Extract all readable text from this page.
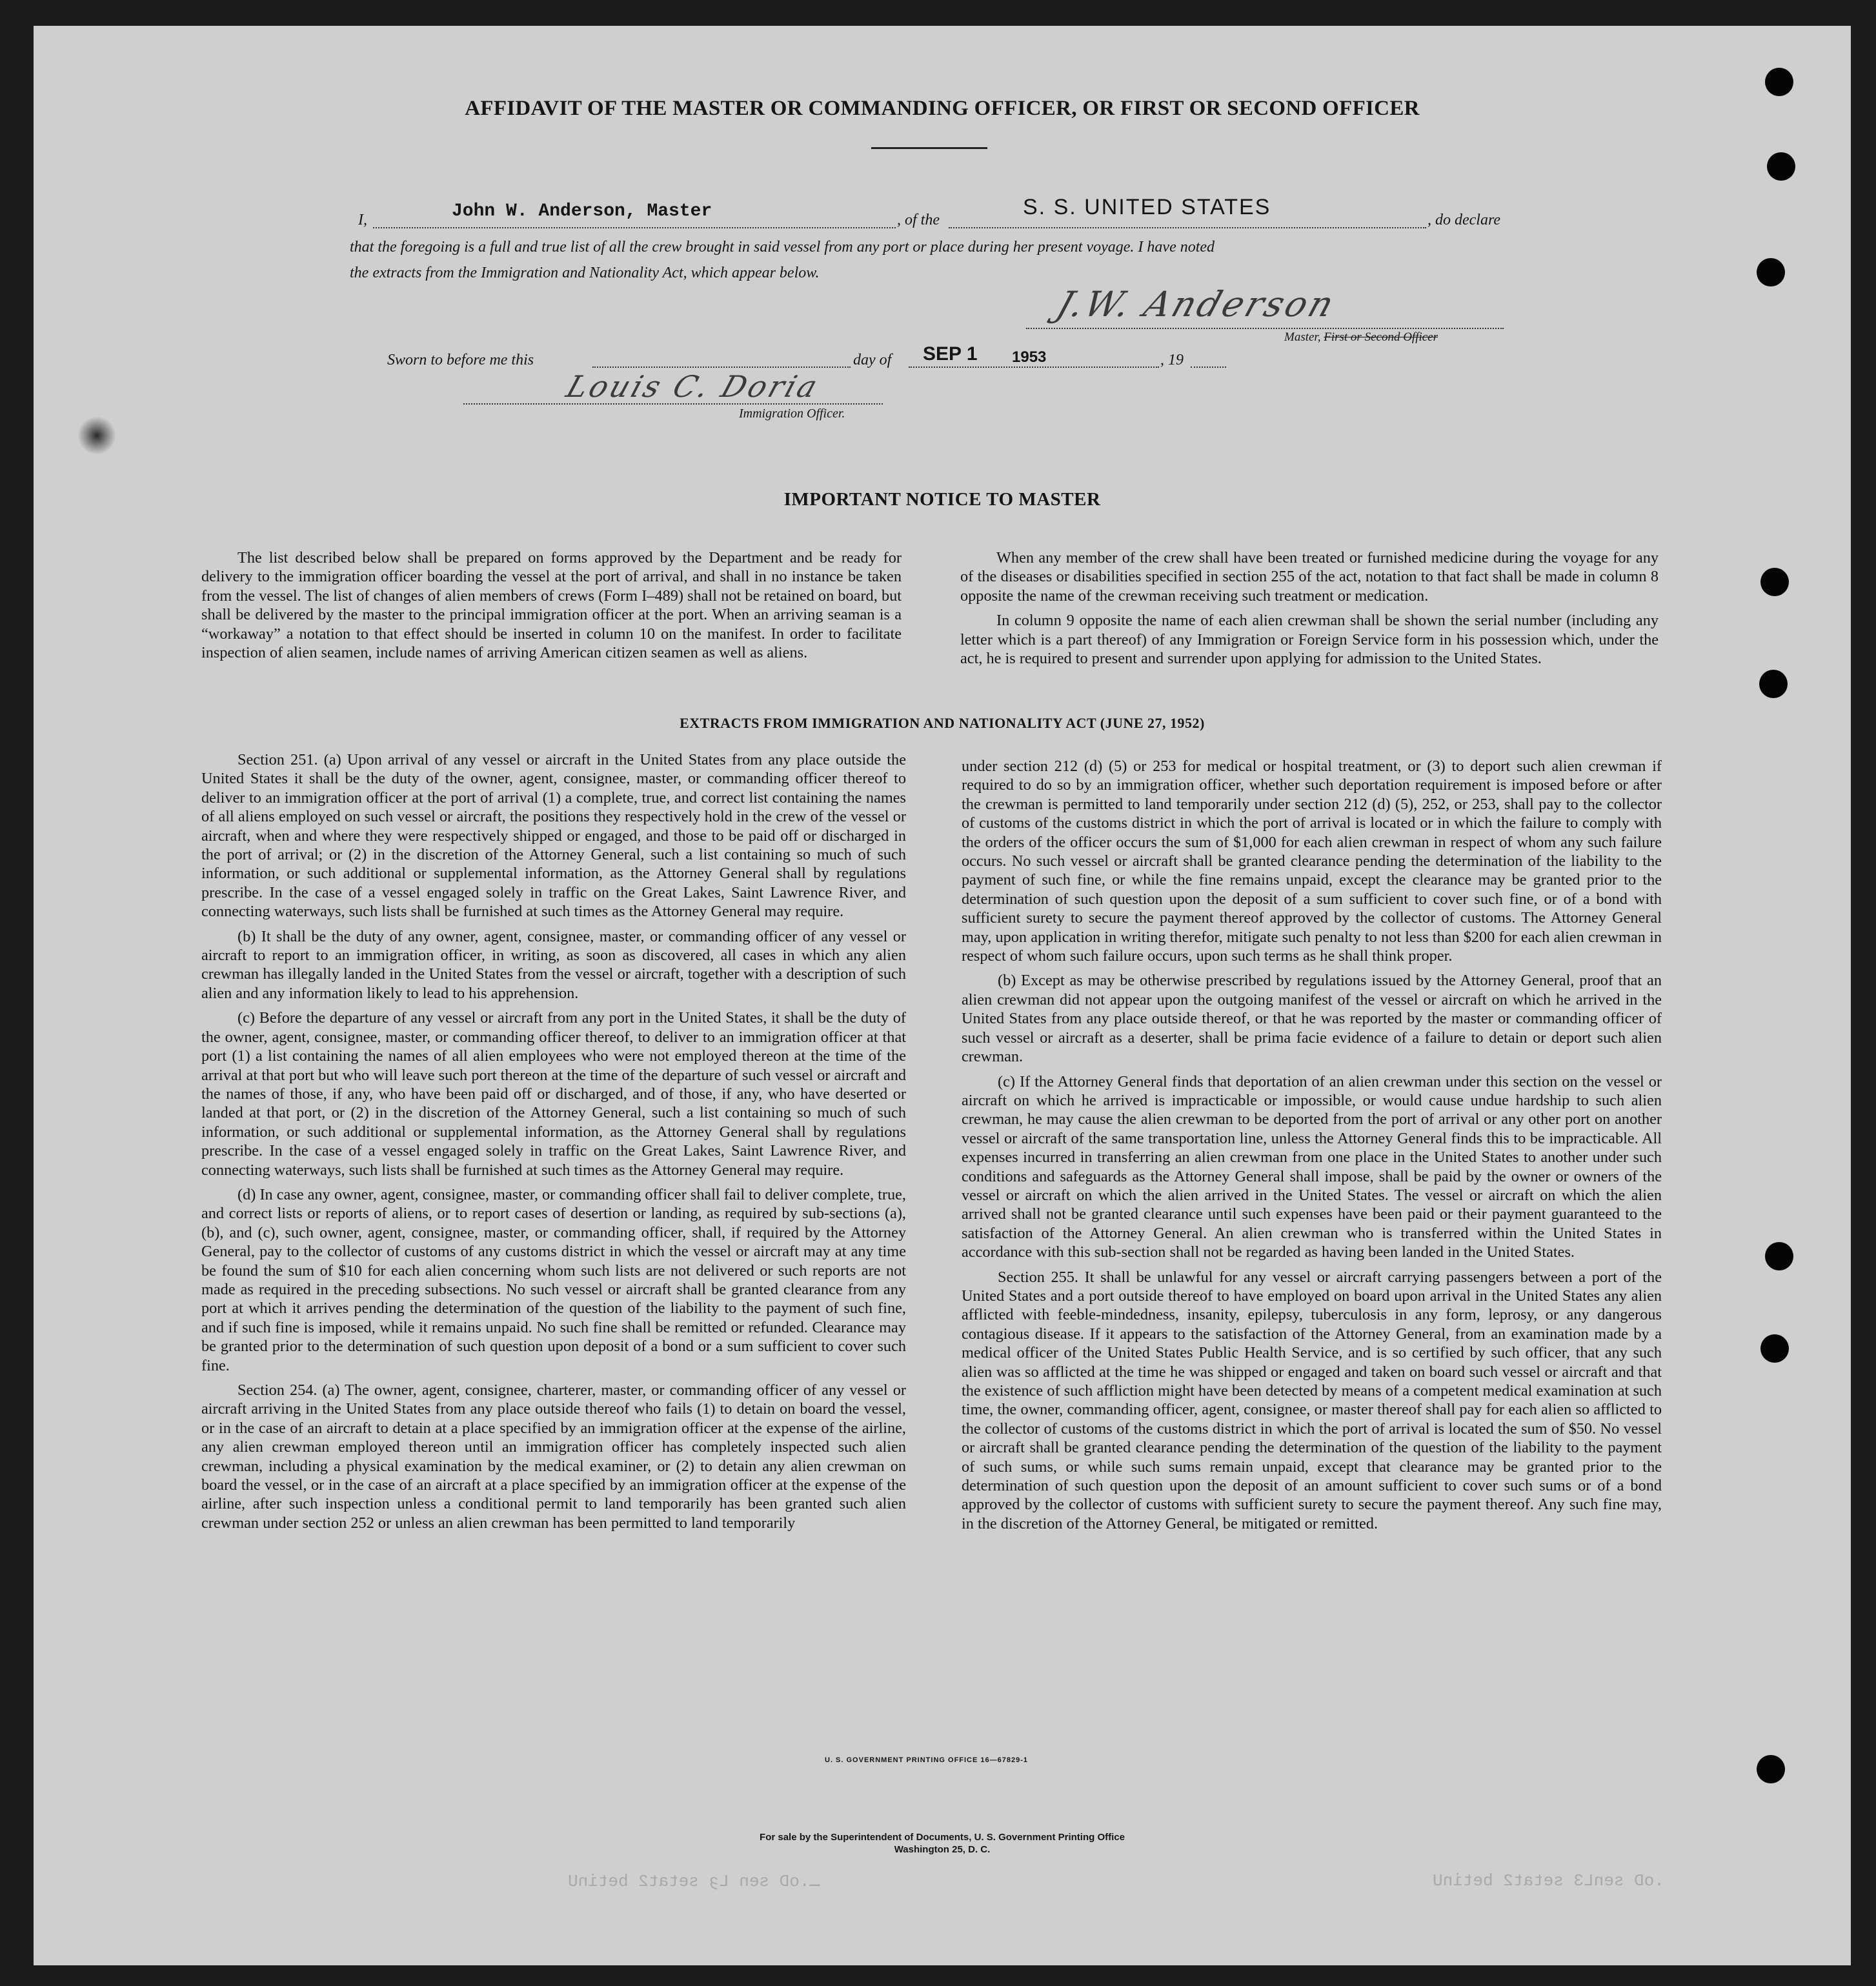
ـ.oD sen Lȝ setat2 betinU	.oD senL3 setat2 betinU
AFFIDAVIT OF THE MASTER OR COMMANDING OFFICER, OR FIRST OR SECOND OFFICER
I,	John W. Anderson, Master	, of the
S. S. UNITED STATES
, do declare
that the foregoing is a full and true list of all the crew brought in said vessel from any port or place during her present voyage. I have noted
the extracts from the Immigration and Nationality Act, which appear below.
J.W. Anderson
Master, First or Second Officer
Sworn to before me this	day of SEP 1 1953	, 19
Louis C. Doria
Immigration Officer.
IMPORTANT NOTICE TO MASTER

The list described below shall be prepared on forms approved by the Department and be ready for delivery to the immigration officer boarding the vessel at the port of arrival, and shall in no instance be taken from the vessel. The list of changes of alien members of crews (Form I–489) shall not be retained on board, but shall be delivered by the master to the principal immigration officer at the port. When an arriving seaman is a “workaway” a notation to that effect should be inserted in column 10 on the manifest. In order to facilitate inspection of alien seamen, include names of arriving American citizen seamen as well as aliens.

When any member of the crew shall have been treated or furnished medicine during the voyage for any of the diseases or disabilities specified in section 255 of the act, notation to that fact shall be made in column 8 opposite the name of the crewman receiving such treatment or medication.

In column 9 opposite the name of each alien crewman shall be shown the serial number (including any letter which is a part thereof) of any Immigration or Foreign Service form in his possession which, under the act, he is required to present and surrender upon applying for admission to the United States.

EXTRACTS FROM IMMIGRATION AND NATIONALITY ACT (JUNE 27, 1952)

Section 251. (a) Upon arrival of any vessel or aircraft in the United States from any place outside the United States it shall be the duty of the owner, agent, consignee, master, or commanding officer thereof to deliver to an immigration officer at the port of arrival (1) a complete, true, and correct list containing the names of all aliens employed on such vessel or aircraft, the positions they respectively hold in the crew of the vessel or aircraft, when and where they were respectively shipped or engaged, and those to be paid off or discharged in the port of arrival; or (2) in the discretion of the Attorney General, such a list containing so much of such information, or such additional or supplemental information, as the Attorney General shall by regulations prescribe. In the case of a vessel engaged solely in traffic on the Great Lakes, Saint Lawrence River, and connecting waterways, such lists shall be furnished at such times as the Attorney General may require.

(b) It shall be the duty of any owner, agent, consignee, master, or commanding officer of any vessel or aircraft to report to an immigration officer, in writing, as soon as discovered, all cases in which any alien crewman has illegally landed in the United States from the vessel or aircraft, together with a description of such alien and any information likely to lead to his apprehension.

(c) Before the departure of any vessel or aircraft from any port in the United States, it shall be the duty of the owner, agent, consignee, master, or commanding officer thereof, to deliver to an immigration officer at that port (1) a list containing the names of all alien employees who were not employed thereon at the time of the arrival at that port but who will leave such port thereon at the time of the departure of such vessel or aircraft and the names of those, if any, who have been paid off or discharged, and of those, if any, who have deserted or landed at that port, or (2) in the discretion of the Attorney General, such a list containing so much of such information, or such additional or supplemental information, as the Attorney General shall by regulations prescribe. In the case of a vessel engaged solely in traffic on the Great Lakes, Saint Lawrence River, and connecting waterways, such lists shall be furnished at such times as the Attorney General may require.

(d) In case any owner, agent, consignee, master, or commanding officer shall fail to deliver complete, true, and correct lists or reports of aliens, or to report cases of desertion or landing, as required by sub-sections (a), (b), and (c), such owner, agent, consignee, master, or commanding officer, shall, if required by the Attorney General, pay to the collector of customs of any customs district in which the vessel or aircraft may at any time be found the sum of $10 for each alien concerning whom such lists are not delivered or such reports are not made as required in the preceding subsections. No such vessel or aircraft shall be granted clearance from any port at which it arrives pending the determination of the question of the liability to the payment of such fine, and if such fine is imposed, while it remains unpaid. No such fine shall be remitted or refunded. Clearance may be granted prior to the determination of such question upon deposit of a bond or a sum sufficient to cover such fine.

Section 254. (a) The owner, agent, consignee, charterer, master, or commanding officer of any vessel or aircraft arriving in the United States from any place outside thereof who fails (1) to detain on board the vessel, or in the case of an aircraft to detain at a place specified by an immigration officer at the expense of the airline, any alien crewman employed thereon until an immigration officer has completely inspected such alien crewman, including a physical examination by the medical examiner, or (2) to detain any alien crewman on board the vessel, or in the case of an aircraft at a place specified by an immigration officer at the expense of the airline, after such inspection unless a conditional permit to land temporarily has been granted such alien crewman under section 252 or unless an alien crewman has been permitted to land temporarily

under section 212 (d) (5) or 253 for medical or hospital treatment, or (3) to deport such alien crewman if required to do so by an immigration officer, whether such deportation requirement is imposed before or after the crewman is permitted to land temporarily under section 212 (d) (5), 252, or 253, shall pay to the collector of customs of the customs district in which the port of arrival is located or in which the failure to comply with the orders of the officer occurs the sum of $1,000 for each alien crewman in respect of whom any such failure occurs. No such vessel or aircraft shall be granted clearance pending the determination of the liability to the payment of such fine, or while the fine remains unpaid, except the clearance may be granted prior to the determination of such question upon the deposit of a sum sufficient to cover such fine, or of a bond with sufficient surety to secure the payment thereof approved by the collector of customs. The Attorney General may, upon application in writing therefor, mitigate such penalty to not less than $200 for each alien crewman in respect of whom such failure occurs, upon such terms as he shall think proper.

(b) Except as may be otherwise prescribed by regulations issued by the Attorney General, proof that an alien crewman did not appear upon the outgoing manifest of the vessel or aircraft on which he arrived in the United States from any place outside thereof, or that he was reported by the master or commanding officer of such vessel or aircraft as a deserter, shall be prima facie evidence of a failure to detain or deport such alien crewman.

(c) If the Attorney General finds that deportation of an alien crewman under this section on the vessel or aircraft on which he arrived is impracticable or impossible, or would cause undue hardship to such alien crewman, he may cause the alien crewman to be deported from the port of arrival or any other port on another vessel or aircraft of the same transportation line, unless the Attorney General finds this to be impracticable. All expenses incurred in transferring an alien crewman from one place in the United States to another under such conditions and safeguards as the Attorney General shall impose, shall be paid by the owner or owners of the vessel or aircraft on which the alien arrived in the United States. The vessel or aircraft on which the alien arrived shall not be granted clearance until such expenses have been paid or their payment guaranteed to the satisfaction of the Attorney General. An alien crewman who is transferred within the United States in accordance with this sub-section shall not be regarded as having been landed in the United States.

Section 255. It shall be unlawful for any vessel or aircraft carrying passengers between a port of the United States and a port outside thereof to have employed on board upon arrival in the United States any alien afflicted with feeble-mindedness, insanity, epilepsy, tuberculosis in any form, leprosy, or any dangerous contagious disease. If it appears to the satisfaction of the Attorney General, from an examination made by a medical officer of the United States Public Health Service, and is so certified by such officer, that any such alien was so afflicted at the time he was shipped or engaged and taken on board such vessel or aircraft and that the existence of such affliction might have been detected by means of a competent medical examination at such time, the owner, commanding officer, agent, consignee, or master thereof shall pay for each alien so afflicted to the collector of customs of the customs district in which the port of arrival is located the sum of $50. No vessel or aircraft shall be granted clearance pending the determination of the question of the liability to the payment of such sums, or while such sums remain unpaid, except that clearance may be granted prior to the determination of such question upon the deposit of an amount sufficient to cover such sums or of a bond approved by the collector of customs with sufficient surety to secure the payment thereof. Any such fine may, in the discretion of the Attorney General, be mitigated or remitted.

U. S. GOVERNMENT PRINTING OFFICE 16—67829-1
For sale by the Superintendent of Documents, U. S. Government Printing Office
Washington 25, D. C.
